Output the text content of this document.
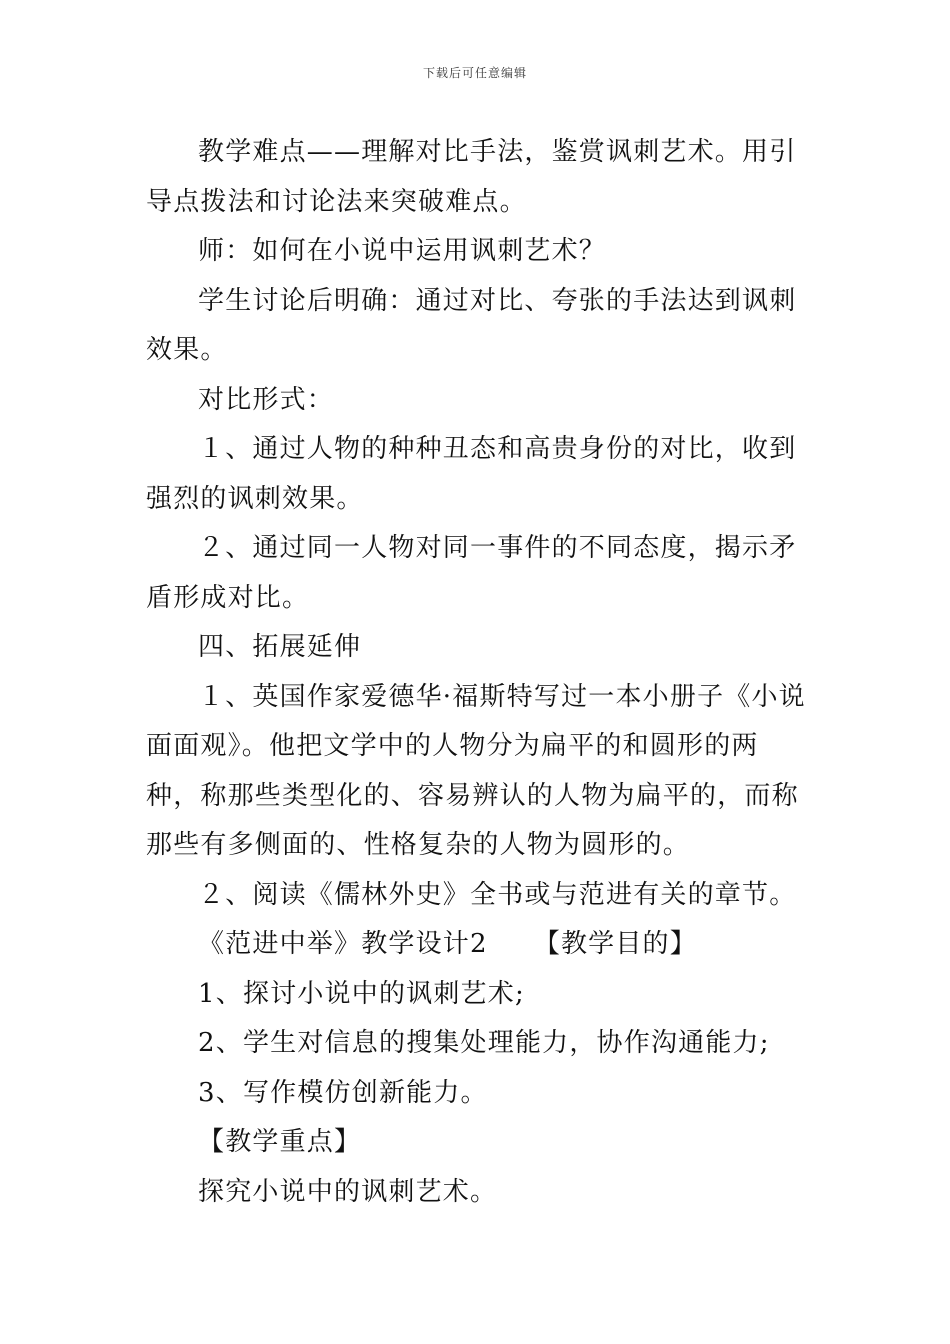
下载后可任意编辑

教学难点——理解对比手法，鉴赏讽刺艺术。用引导点拨法和讨论法来突破难点。

师：如何在小说中运用讽刺艺术？

学生讨论后明确：通过对比、夸张的手法达到讽刺效果。

对比形式：

１、通过人物的种种丑态和高贵身份的对比，收到强烈的讽刺效果。

２、通过同一人物对同一事件的不同态度，揭示矛盾形成对比。

四、拓展延伸

１、英国作家爱德华·福斯特写过一本小册子《小说面面观》。他把文学中的人物分为扁平的和圆形的两种，称那些类型化的、容易辨认的人物为扁平的，而称那些有多侧面的、性格复杂的人物为圆形的。

２、阅读《儒林外史》全书或与范进有关的章节。

《范进中举》教学设计2 【教学目的】

1、探讨小说中的讽刺艺术;

2、学生对信息的搜集处理能力，协作沟通能力;

3、写作模仿创新能力。

【教学重点】

探究小说中的讽刺艺术。
